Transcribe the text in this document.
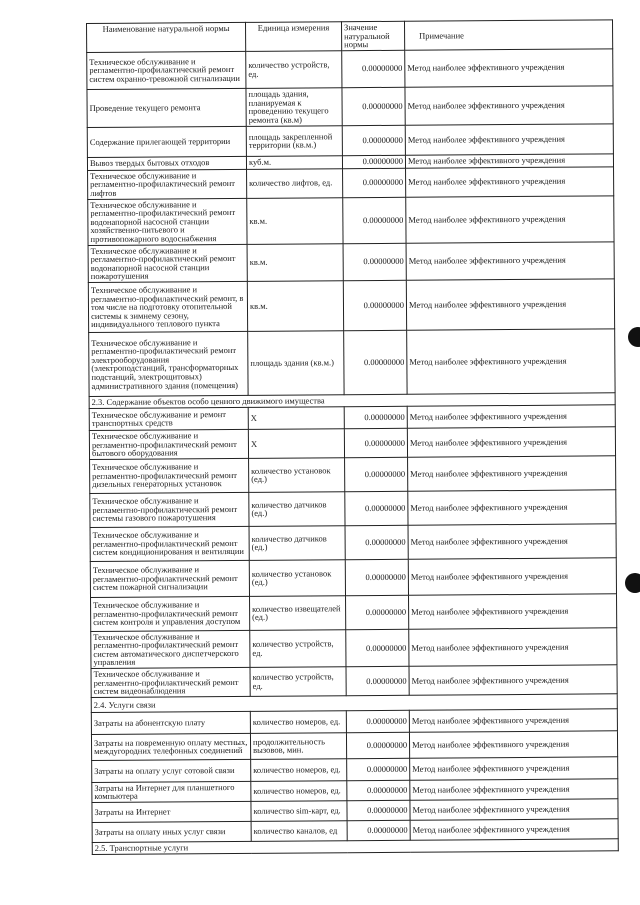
Наименование натуральной нормы	Единица измерения	Значение натуральной нормы	Примечание
Техническое обслуживание и регламентно-профилактический ремонт систем охранно-тревожной сигнализации	количество устройств, ед.	0.00000000	Метод наиболее эффективного учреждения
Проведение текущего ремонта	площадь здания, планируемая к проведению текущего ремонта (кв.м)	0.00000000	Метод наиболее эффективного учреждения
Содержание прилегающей территории	площадь закрепленной территории (кв.м.)	0.00000000	Метод наиболее эффективного учреждения
Вывоз твердых бытовых отходов	куб.м.	0.00000000	Метод наиболее эффективного учреждения
Техническое обслуживание и регламентно-профилактический ремонт лифтов	количество лифтов, ед.	0.00000000	Метод наиболее эффективного учреждения
Техническое обслуживание и регламентно-профилактический ремонт водонапорной насосной станции хозяйственно-питьевого и противопожарного водоснабжения	кв.м.	0.00000000	Метод наиболее эффективного учреждения
Техническое обслуживание и регламентно-профилактический ремонт водонапорной насосной станции пожаротушения	кв.м.	0.00000000	Метод наиболее эффективного учреждения
Техническое обслуживание и регламентно-профилактический ремонт, в том числе на подготовку отопительной системы к зимнему сезону, индивидуального теплового пункта	кв.м.	0.00000000	Метод наиболее эффективного учреждения
Техническое обслуживание и регламентно-профилактический ремонт электрооборудования (электроподстанций, трансформаторных подстанций, электрощитовых) административного здания (помещения)	площадь здания (кв.м.)	0.00000000	Метод наиболее эффективного учреждения
2.3. Содержание объектов особо ценного движимого имущества			
Техническое обслуживание и ремонт транспортных средств	Х	0.00000000	Метод наиболее эффективного учреждения
Техническое обслуживание и регламентно-профилактический ремонт бытового оборудования	Х	0.00000000	Метод наиболее эффективного учреждения
Техническое обслуживание и регламентно-профилактический ремонт дизельных генераторных установок	количество установок (ед.)	0.00000000	Метод наиболее эффективного учреждения
Техническое обслуживание и регламентно-профилактический ремонт системы газового пожаротушения	количество датчиков (ед.)	0.00000000	Метод наиболее эффективного учреждения
Техническое обслуживание и регламентно-профилактический ремонт систем кондиционирования и вентиляции	количество датчиков (ед.)	0.00000000	Метод наиболее эффективного учреждения
Техническое обслуживание и регламентно-профилактический ремонт систем пожарной сигнализации	количество установок (ед.)	0.00000000	Метод наиболее эффективного учреждения
Техническое обслуживание и регламентно-профилактический ремонт систем контроля и управления доступом	количество извещателей (ед.)	0.00000000	Метод наиболее эффективного учреждения
Техническое обслуживание и регламентно-профилактический ремонт систем автоматического диспетчерского управления	количество устройств, ед.	0.00000000	Метод наиболее эффективного учреждения
Техническое обслуживание и регламентно-профилактический ремонт систем видеонаблюдения	количество устройств, ед.	0.00000000	Метод наиболее эффективного учреждения
2.4. Услуги связи			
Затраты на абонентскую плату	количество номеров, ед.	0.00000000	Метод наиболее эффективного учреждения
Затраты на повременную оплату местных, междугородних телефонных соединений	продолжительность вызовов, мин.	0.00000000	Метод наиболее эффективного учреждения
Затраты на оплату услуг сотовой связи	количество номеров, ед.	0.00000000	Метод наиболее эффективного учреждения
Затраты на Интернет для планшетного компьютера	количество номеров, ед.	0.00000000	Метод наиболее эффективного учреждения
Затраты на Интернет	количество sim-карт, ед.	0.00000000	Метод наиболее эффективного учреждения
Затраты на оплату иных услуг связи	количество каналов, ед	0.00000000	Метод наиболее эффективного учреждения
2.5. Транспортные услуги			
